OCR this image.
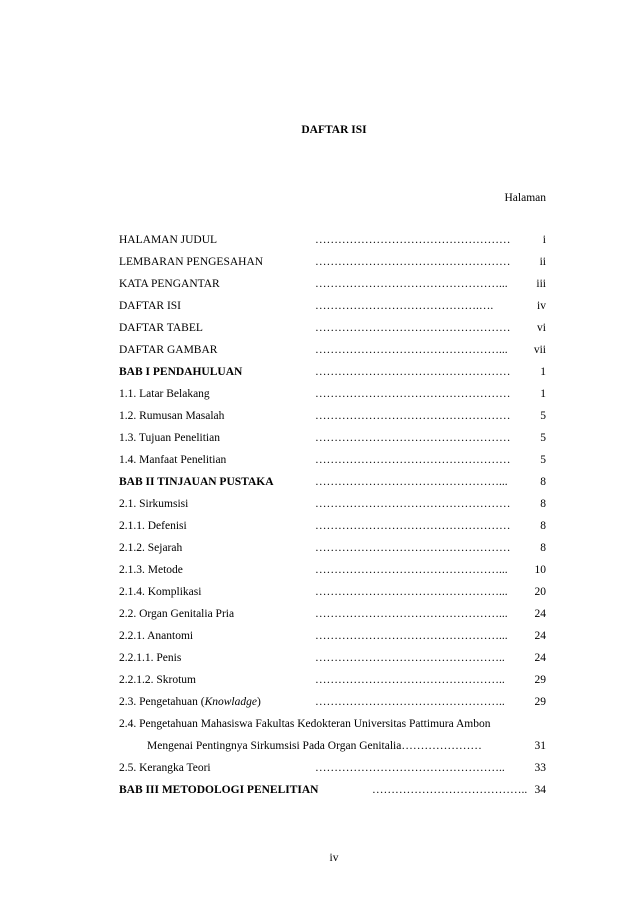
DAFTAR ISI
Halaman
HALAMAN JUDUL	……………………………………………	i
LEMBARAN PENGESAHAN	……………………………………………	ii
KATA PENGANTAR	…………………………………………...	iii
DAFTAR ISI	…………………………………….….	iv
DAFTAR TABEL	…………………………………………… vi
DAFTAR GAMBAR	…………………………………………... vii
BAB I PENDAHULUAN	……………………………………………	1
1.1. Latar Belakang	……………………………………………	1
1.2. Rumusan Masalah	……………………………………………	5
1.3. Tujuan Penelitian	……………………………………………	5
1.4. Manfaat Penelitian	……………………………………………	5
BAB II TINJAUAN PUSTAKA	…………………………………………...	8
2.1. Sirkumsisi	……………………………………………	8
2.1.1. Defenisi	……………………………………………	8
2.1.2. Sejarah	……………………………………………	8
2.1.3. Metode	…………………………………………... 10
2.1.4. Komplikasi	…………………………………………... 20
2.2. Organ Genitalia Pria	…………………………………………... 24
2.2.1. Anantomi	…………………………………………... 24
2.2.1.1. Penis	…………………………………………..	24
2.2.1.2. Skrotum	…………………………………………..	29
2.3. Pengetahuan (Knowladge)	…………………………………………..	29
2.4. Pengetahuan Mahasiswa Fakultas Kedokteran Universitas Pattimura Ambon
Mengenai Pentingnya Sirkumsisi Pada Organ Genitalia…………………	31
2.5. Kerangka Teori	…………………………………………..	33
BAB III METODOLOGI PENELITIAN	………………………………….. 34
iv
